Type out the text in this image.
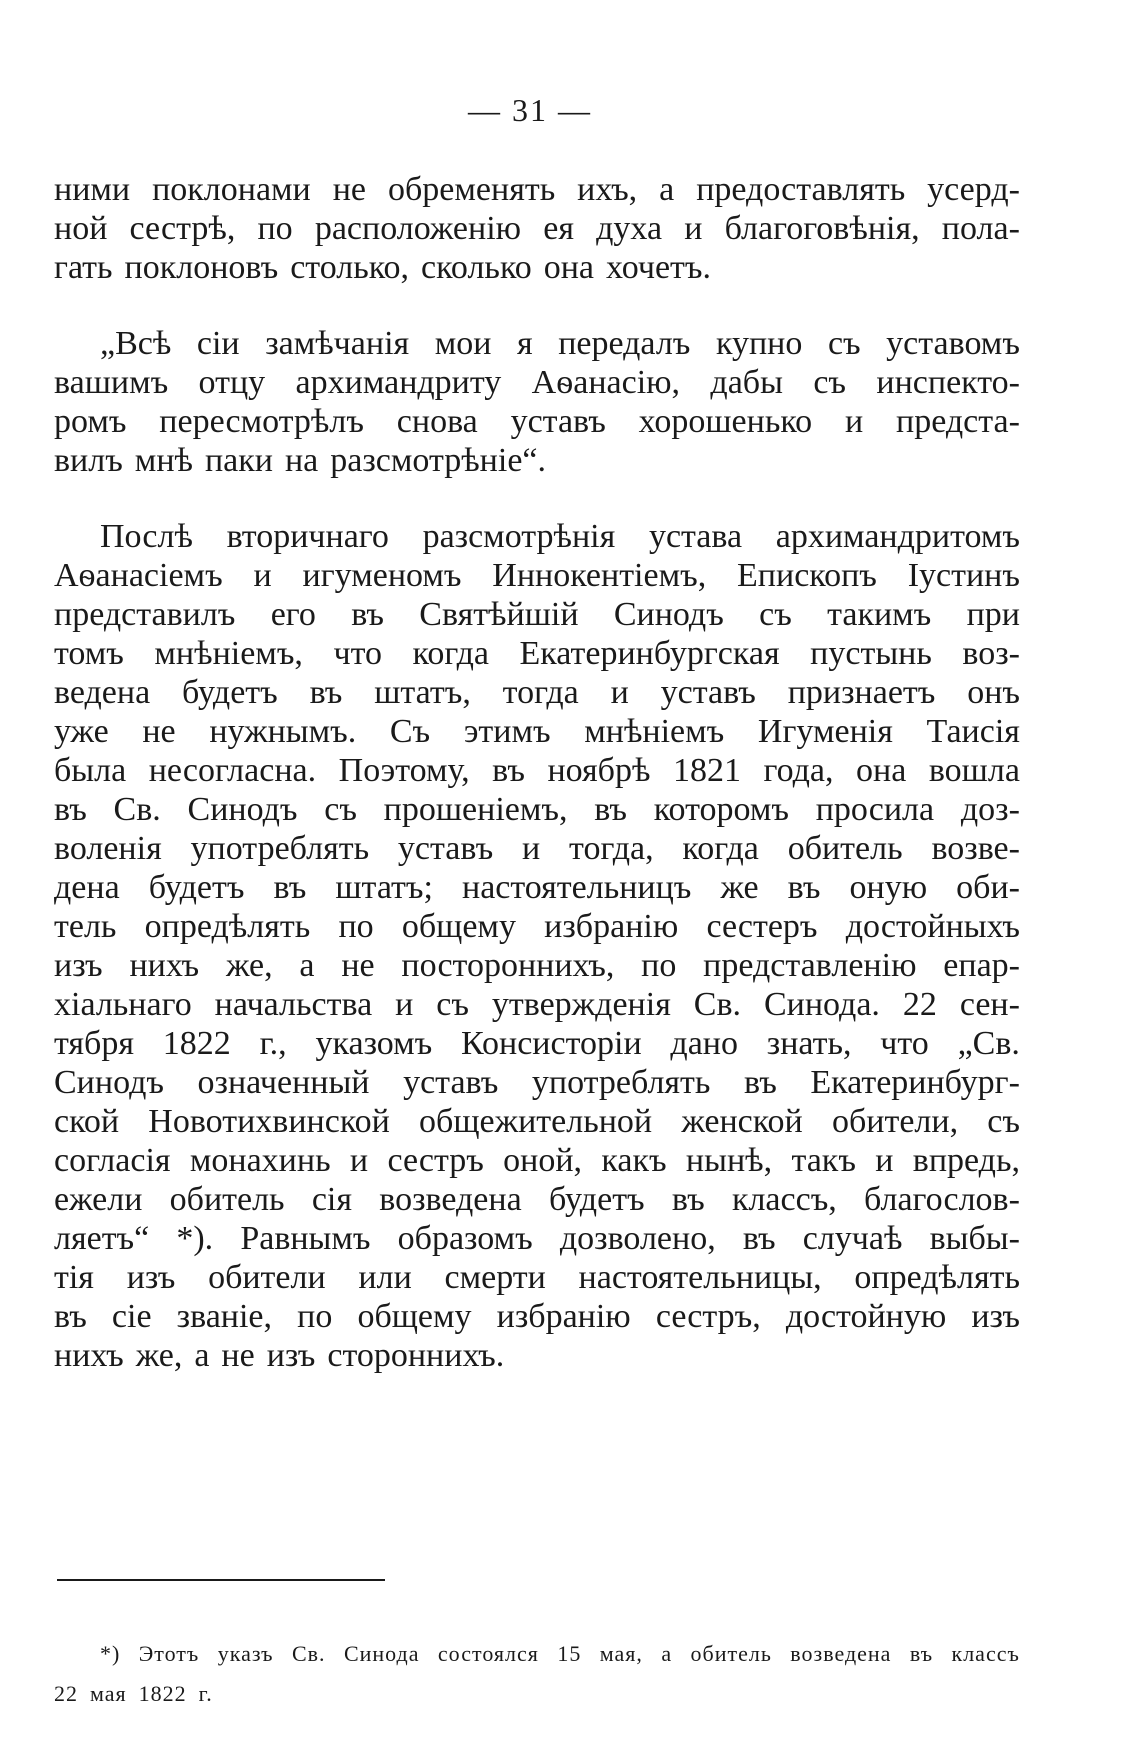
— 31 —
ними поклонами не обременять ихъ, а предоставлять усерд-
ной сестрѣ, по расположенію ея духа и благоговѣнія, пола-
гать поклоновъ столько, сколько она хочетъ.
„Всѣ сіи замѣчанія мои я передалъ купно съ уставомъ
вашимъ отцу архимандриту Аѳанасію, дабы съ инспекто-
ромъ пересмотрѣлъ снова уставъ хорошенько и предста-
вилъ мнѣ паки на разсмотрѣніе“.
Послѣ вторичнаго разсмотрѣнія устава архимандритомъ
Аѳанасіемъ и игуменомъ Иннокентіемъ, Епископъ Іустинъ
представилъ его въ Святѣйшій Синодъ съ такимъ при
томъ мнѣніемъ, что когда Екатеринбургская пустынь воз-
ведена будетъ въ штатъ, тогда и уставъ признаетъ онъ
уже не нужнымъ. Съ этимъ мнѣніемъ Игуменія Таисія
была несогласна. Поэтому, въ ноябрѣ 1821 года, она вошла
въ Св. Синодъ съ прошеніемъ, въ которомъ просила доз-
воленія употреблять уставъ и тогда, когда обитель возве-
дена будетъ въ штатъ; настоятельницъ же въ оную оби-
тель опредѣлять по общему избранію сестеръ достойныхъ
изъ нихъ же, а не постороннихъ, по представленію епар-
хіальнаго начальства и съ утвержденія Св. Синода. 22 сен-
тября 1822 г., указомъ Консисторіи дано знать, что „Св.
Синодъ означенный уставъ употреблять въ Екатеринбург-
ской Новотихвинской общежительной женской обители, съ
согласія монахинь и сестръ оной, какъ нынѣ, такъ и впредь,
ежели обитель сія возведена будетъ въ классъ, благослов-
ляетъ“ *). Равнымъ образомъ дозволено, въ случаѣ выбы-
тія изъ обители или смерти настоятельницы, опредѣлять
въ сіе званіе, по общему избранію сестръ, достойную изъ
нихъ же, а не изъ стороннихъ.
*) Этотъ указъ Св. Синода состоялся 15 мая, а обитель возведена въ классъ
22 мая 1822 г.
